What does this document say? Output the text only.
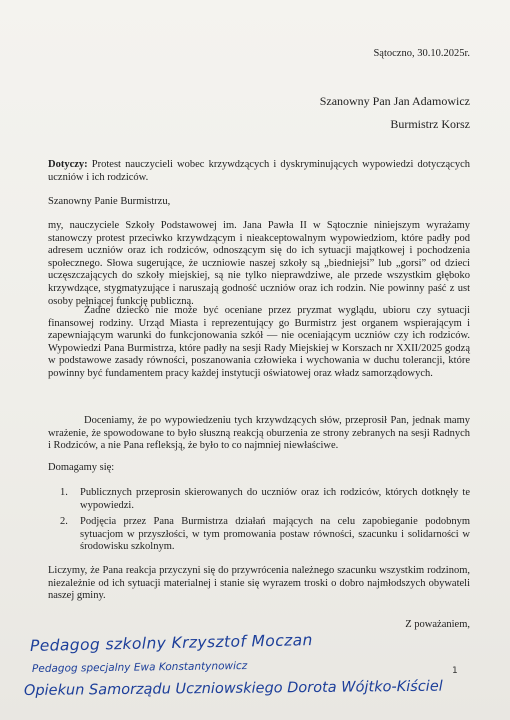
Sątoczno, 30.10.2025r.

Szanowny Pan Jan Adamowicz

Burmistrz Korsz

Dotyczy: Protest nauczycieli wobec krzywdzących i dyskryminujących wypowiedzi dotyczących uczniów i ich rodziców.

Szanowny Panie Burmistrzu,

my, nauczyciele Szkoły Podstawowej im. Jana Pawła II w Sątocznie niniejszym wyrażamy stanowczy protest przeciwko krzywdzącym i nieakceptowalnym wypowiedziom, które padły pod adresem uczniów oraz ich rodziców, odnoszącym się do ich sytuacji majątkowej i pochodzenia społecznego. Słowa sugerujące, że uczniowie naszej szkoły są „biedniejsi” lub „gorsi” od dzieci uczęszczających do szkoły miejskiej, są nie tylko nieprawdziwe, ale przede wszystkim głęboko krzywdzące, stygmatyzujące i naruszają godność uczniów oraz ich rodzin. Nie powinny paść z ust osoby pełniącej funkcję publiczną.

Żadne dziecko nie może być oceniane przez pryzmat wyglądu, ubioru czy sytuacji finansowej rodziny. Urząd Miasta i reprezentujący go Burmistrz jest organem wspierającym i zapewniającym warunki do funkcjonowania szkół — nie oceniającym uczniów czy ich rodziców. Wypowiedzi Pana Burmistrza, które padły na sesji Rady Miejskiej w Korszach nr XXII/2025 godzą w podstawowe zasady równości, poszanowania człowieka i wychowania w duchu tolerancji, które powinny być fundamentem pracy każdej instytucji oświatowej oraz władz samorządowych.

Doceniamy, że po wypowiedzeniu tych krzywdzących słów, przeprosił Pan, jednak mamy wrażenie, że spowodowane to było słuszną reakcją oburzenia ze strony zebranych na sesji Radnych i Rodziców, a nie Pana refleksją, że było to co najmniej niewłaściwe.

Domagamy się:

1. Publicznych przeprosin skierowanych do uczniów oraz ich rodziców, których dotknęły te wypowiedzi.
2. Podjęcia przez Pana Burmistrza działań mających na celu zapobieganie podobnym sytuacjom w przyszłości, w tym promowania postaw równości, szacunku i solidarności w środowisku szkolnym.

Liczymy, że Pana reakcja przyczyni się do przywrócenia należnego szacunku wszystkim rodzinom, niezależnie od ich sytuacji materialnej i stanie się wyrazem troski o dobro najmłodszych obywateli naszej gminy.

Z poważaniem,

Pedagog szkolny Krzysztof Moczan

Pedagog specjalny Ewa Konstantynowicz

Opiekun Samorządu Uczniowskiego Dorota Wójtko-Kiściel

1
